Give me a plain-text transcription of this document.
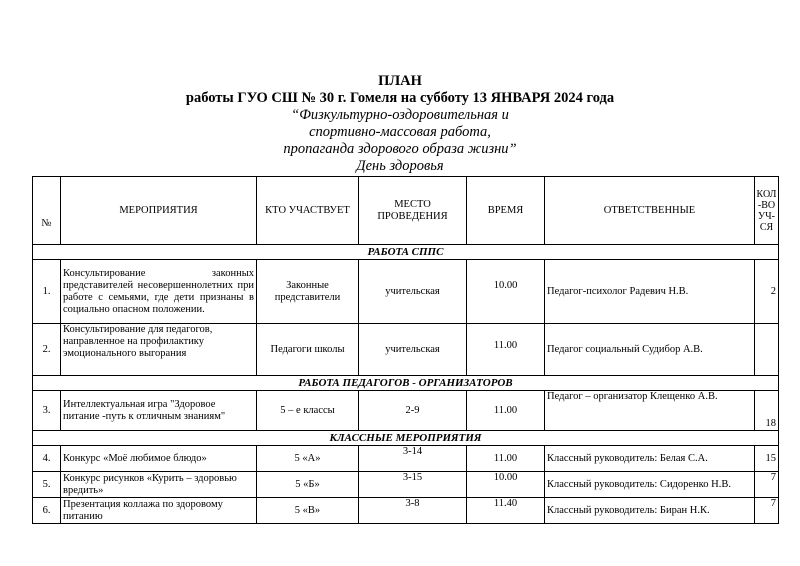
ПЛАН
работы ГУО СШ № 30 г. Гомеля на субботу 13 ЯНВАРЯ 2024 года
“Физкультурно-оздоровительная и
спортивно-массовая работа,
пропаганда здорового образа жизни”
День здоровья
№	МЕРОПРИЯТИЯ	КТО УЧАСТВУЕТ	МЕСТО ПРОВЕДЕНИЯ	ВРЕМЯ	ОТВЕТСТВЕННЫЕ	КОЛ-ВО УЧ-СЯ
РАБОТА СППС						
1.	Консультирование законных представителей несовершеннолетних при работе с семьями, где дети признаны в социально опасном положении.	Законные представители	учительская	10.00	Педагог-психолог Радевич Н.В.	2
2.	Консультирование для педагогов, направленное на профилактику эмоционального выгорания	Педагоги школы	учительская	11.00	Педагог социальный Судибор А.В.	
РАБОТА ПЕДАГОГОВ - ОРГАНИЗАТОРОВ						
3.	Интеллектуальная игра "Здоровое питание -путь к отличным знаниям"	5 – е классы	2-9	11.00	Педагог – организатор Клещенко А.В.	18
КЛАССНЫЕ МЕРОПРИЯТИЯ						
4.	Конкурс «Моё любимое блюдо»	5 «А»	3-14	11.00	Классный руководитель: Белая С.А.	15
5.	Конкурс рисунков «Курить – здоровью вредить»	5 «Б»	3-15	10.00	Классный руководитель: Сидоренко Н.В.	7
6.	Презентация коллажа по здоровому питанию	5 «В»	3-8	11.40	Классный руководитель: Биран Н.К.	7
